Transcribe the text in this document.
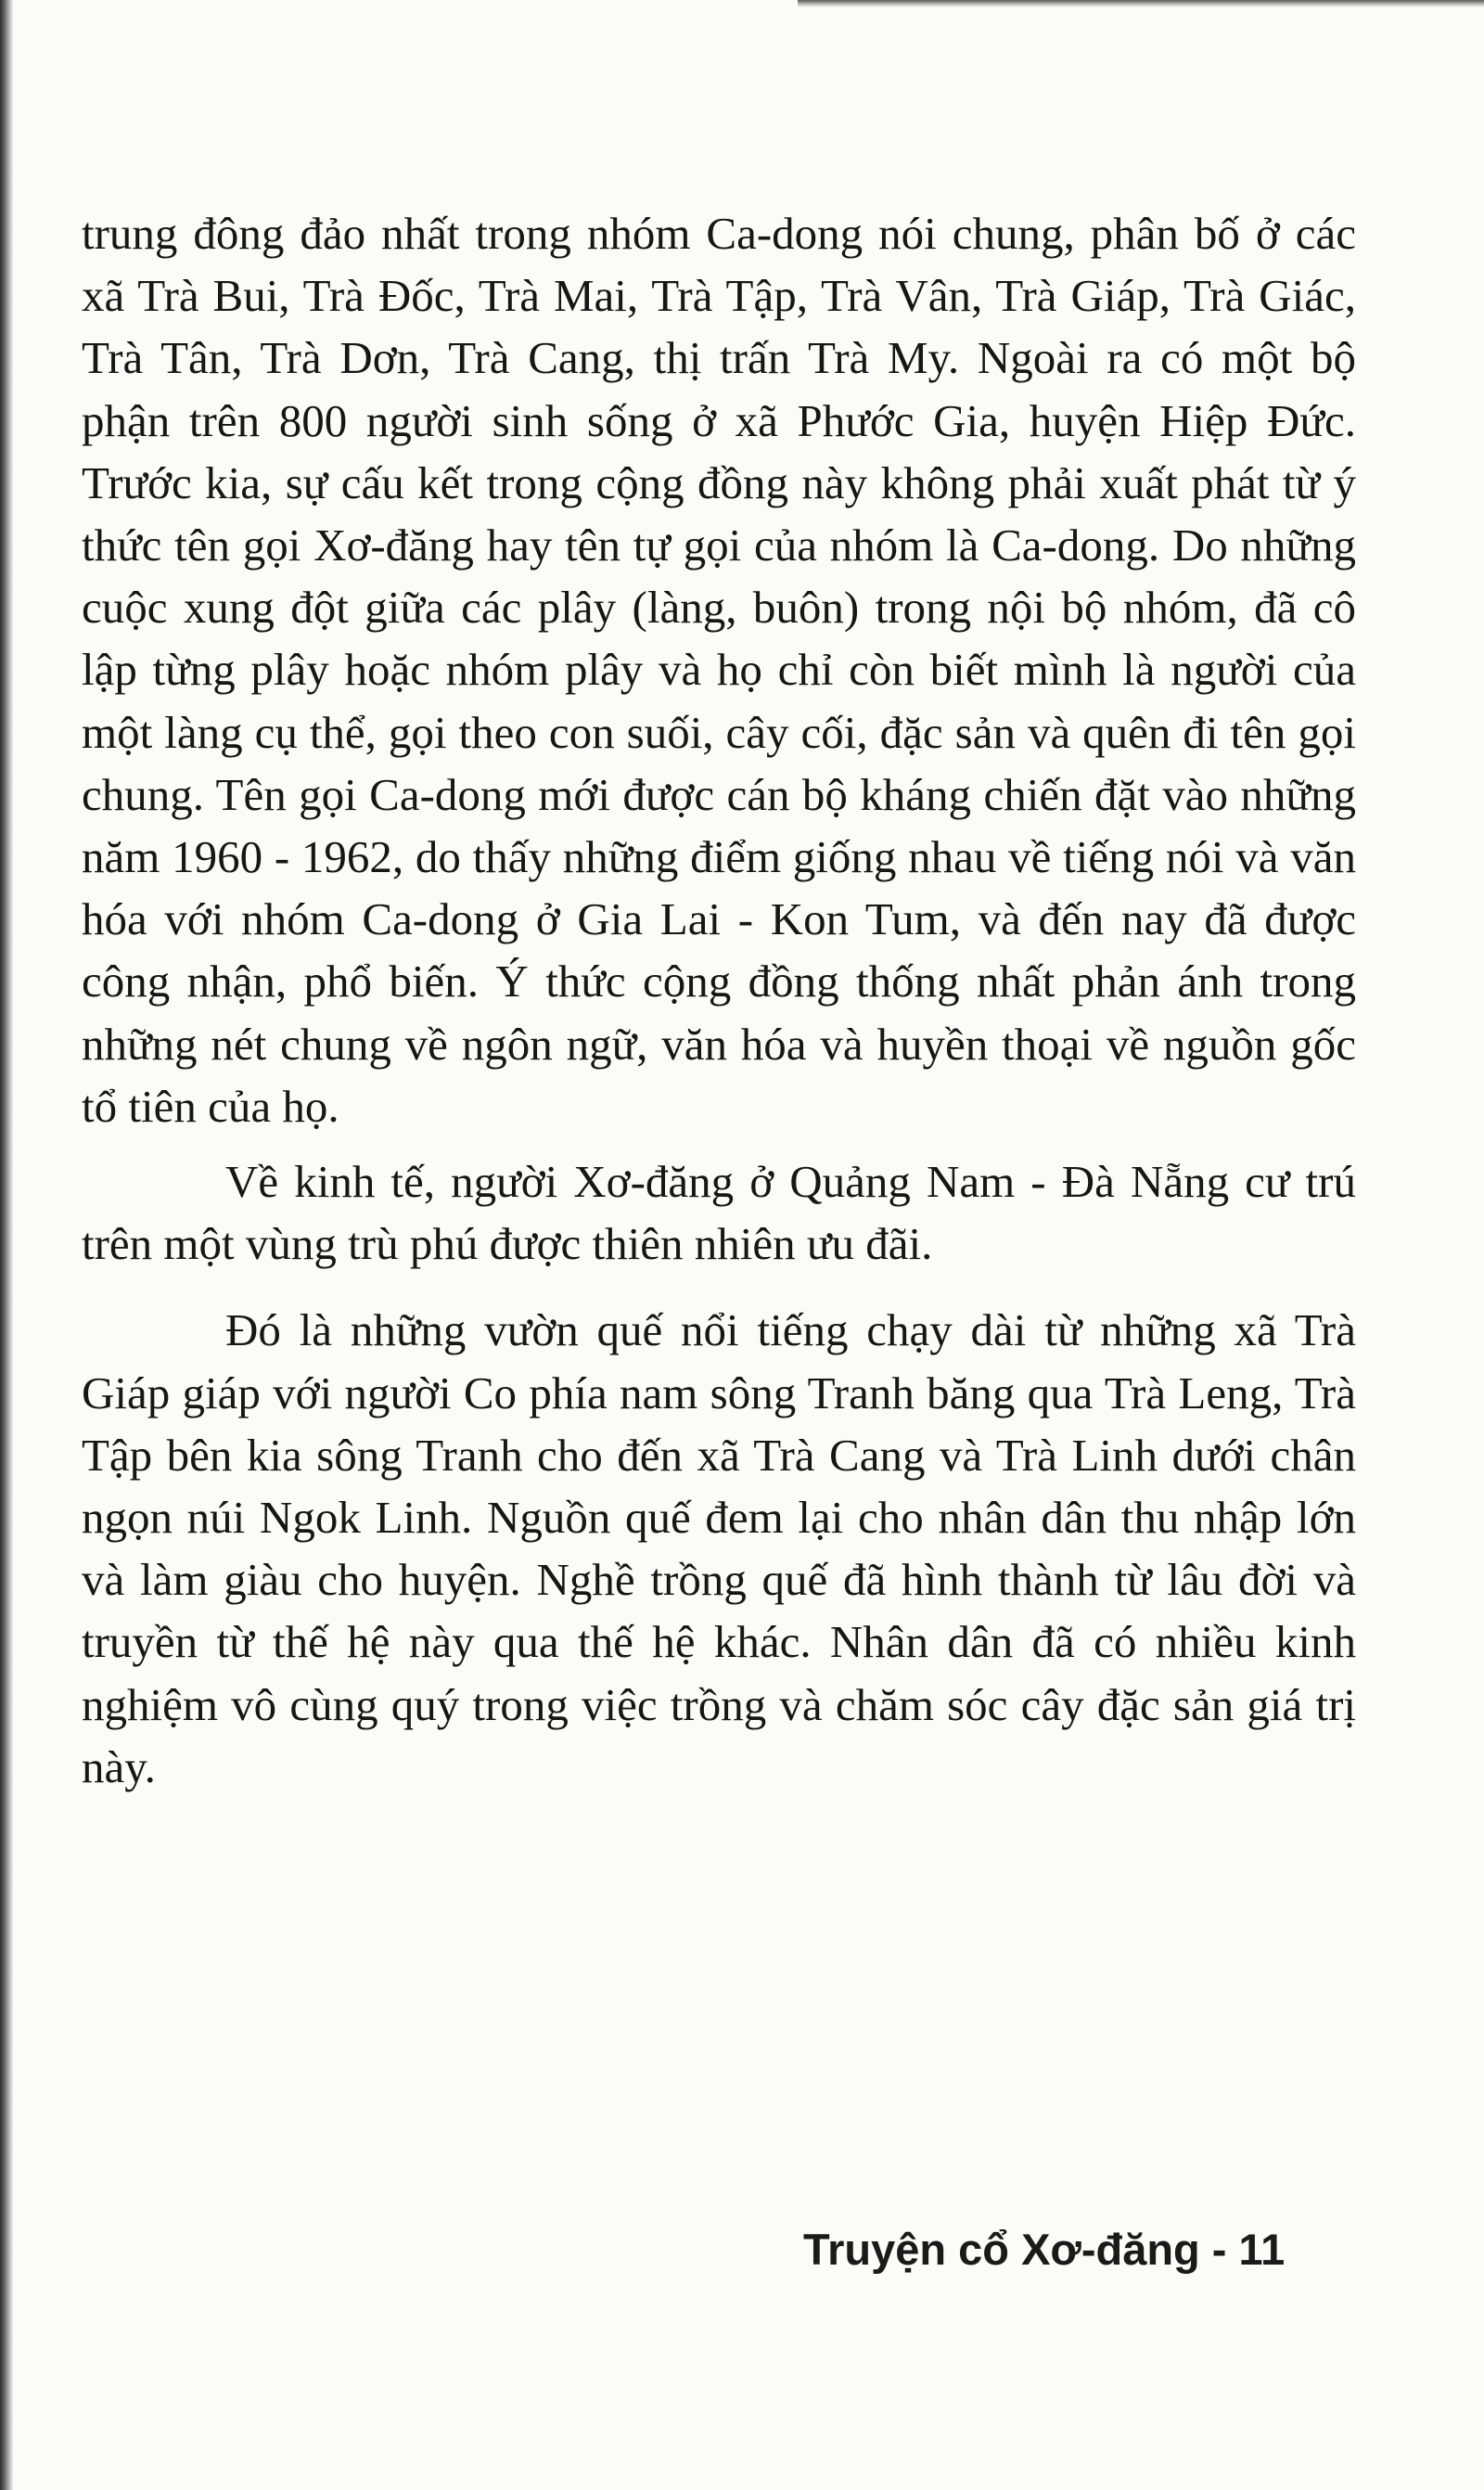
trung đông đảo nhất trong nhóm Ca-dong nói chung, phân bố ở các xã Trà Bui, Trà Đốc, Trà Mai, Trà Tập, Trà Vân, Trà Giáp, Trà Giác, Trà Tân, Trà Dơn, Trà Cang, thị trấn Trà My. Ngoài ra có một bộ phận trên 800 người sinh sống ở xã Phước Gia, huyện Hiệp Đức. Trước kia, sự cấu kết trong cộng đồng này không phải xuất phát từ ý thức tên gọi Xơ-đăng hay tên tự gọi của nhóm là Ca-dong. Do những cuộc xung đột giữa các plây (làng, buôn) trong nội bộ nhóm, đã cô lập từng plây hoặc nhóm plây và họ chỉ còn biết mình là người của một làng cụ thể, gọi theo con suối, cây cối, đặc sản và quên đi tên gọi chung. Tên gọi Ca-dong mới được cán bộ kháng chiến đặt vào những năm 1960 - 1962, do thấy những điểm giống nhau về tiếng nói và văn hóa với nhóm Ca-dong ở Gia Lai - Kon Tum, và đến nay đã được công nhận, phổ biến. Ý thức cộng đồng thống nhất phản ánh trong những nét chung về ngôn ngữ, văn hóa và huyền thoại về nguồn gốc tổ tiên của họ.

Về kinh tế, người Xơ-đăng ở Quảng Nam - Đà Nẵng cư trú trên một vùng trù phú được thiên nhiên ưu đãi.

Đó là những vườn quế nổi tiếng chạy dài từ những xã Trà Giáp giáp với người Co phía nam sông Tranh băng qua Trà Leng, Trà Tập bên kia sông Tranh cho đến xã Trà Cang và Trà Linh dưới chân ngọn núi Ngok Linh. Nguồn quế đem lại cho nhân dân thu nhập lớn và làm giàu cho huyện. Nghề trồng quế đã hình thành từ lâu đời và truyền từ thế hệ này qua thế hệ khác. Nhân dân đã có nhiều kinh nghiệm vô cùng quý trong việc trồng và chăm sóc cây đặc sản giá trị này.

Truyện cổ Xơ-đăng - 11
